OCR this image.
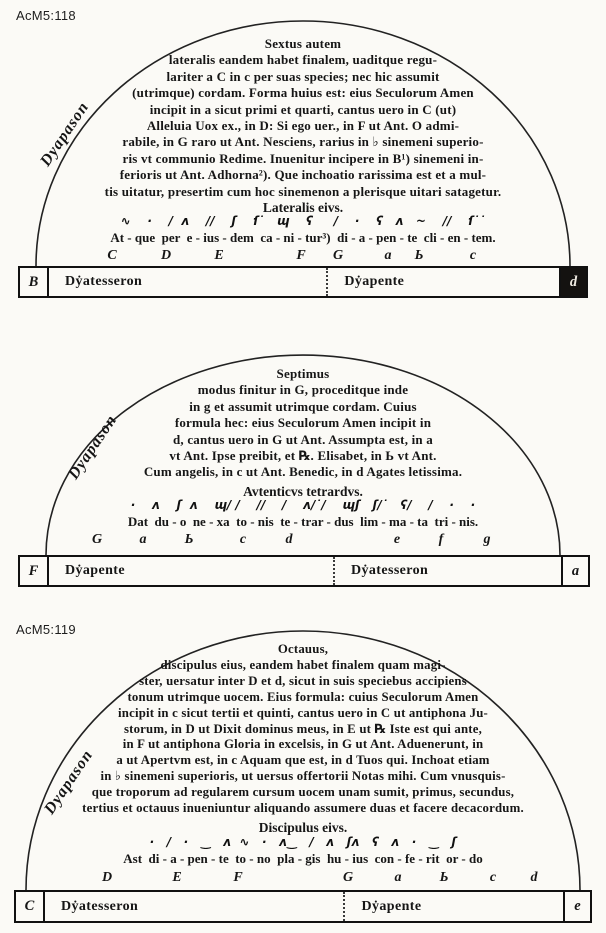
AcM5:118
Dyapason
Sextus autem
lateralis eandem habet finalem, uaditque regu-
lariter a C in c per suas species; nec hic assumit
(utrimque) cordam. Forma huius est: eius Seculorum Amen
incipit in a sicut primi et quarti, cantus uero in C (ut)
Alleluia Uox ex., in D: Si ego uer., in F ut Ant. O admi-
rabile, in G raro ut Ant. Nesciens, rarius in ♭ sinemeni superio-
ris vt communio Redime. Inuenitur incipere in B¹) sinemeni in-
ferioris ut Ant. Adhorna²). Que inchoatio rarissima est et a mul-
tis uitatur, presertim cum hoc sinemenon a plerisque uitari satagetur.
Lateralis eivs.
∿    ·    /  ʌ    //    ʃ    ſ˙   ɰ    ʕ     /    ·    ʕ   ʌ   ~    //    ſ˙˙
At - que  per  e - ius - dem  ca - ni - tur³)  di - a - pen - te  cli - en - tem.
C	D	E	F G	a Ь	c
B	Dẏatesseron	Dẏapente	d
Dyapason
Septimus
modus finitur in G, proceditque inde
in g et assumit utrimque cordam. Cuius
formula hec: eius Seculorum Amen incipit in
d, cantus uero in G ut Ant. Assumpta est, in a
vt Ant. Ipse preibit, et ℞. Elisabet, in Ь vt Ant.
Cum angelis, in c ut Ant. Benedic, in d Agates letissima.
Avtenticvs tetrardvs.
·    ʌ    ʃ  ʌ    ɰ/ /    //    /    ʌ/˙/    ɰʃ   ʃ/˙   ʕ/    /    ·    ·
Dat  du - o  ne - xa  to - nis  te - trar - dus  lim - ma - ta  tri - nis.
G	a	Ь	c	d	e	f	g
F	Dẏapente	Dẏatesseron	a
AcM5:119
Dyapason
Octauus,
discipulus eius, eandem habet finalem quam magi-
ster, uersatur inter D et d, sicut in suis speciebus accipiens
tonum utrimque uocem. Eius formula: cuius Seculorum Amen
incipit in c sicut tertii et quinti, cantus uero in C ut antiphona Ju-
storum, in D ut Dixit dominus meus, in E ut ℞ Iste est qui ante,
in F ut antiphona Gloria in excelsis, in G ut Ant. Aduenerunt, in
a ut Apertvm est, in c Aquam que est, in d Tuos qui. Inchoat etiam
in ♭ sinemeni superioris, ut uersus offertorii Notas mihi. Cum vnusquis-
que troporum ad regularem cursum uocem unam sumit, primus, secundus,
tertius et octauus inueniuntur aliquando assumere duas et facere decacordum.
Discipulus eivs.
·   /   ·   ‿   ʌ  ∿   ·   ʌ‿   /   ʌ   ʃʌ   ʕ   ʌ   ·   ‿   ʃ
Ast  di - a - pen - te  to - no  pla - gis  hu - ius  con - fe - rit  or - do
D	E	F	G	a	Ь	c d
C	Dẏatesseron	Dẏapente	e
